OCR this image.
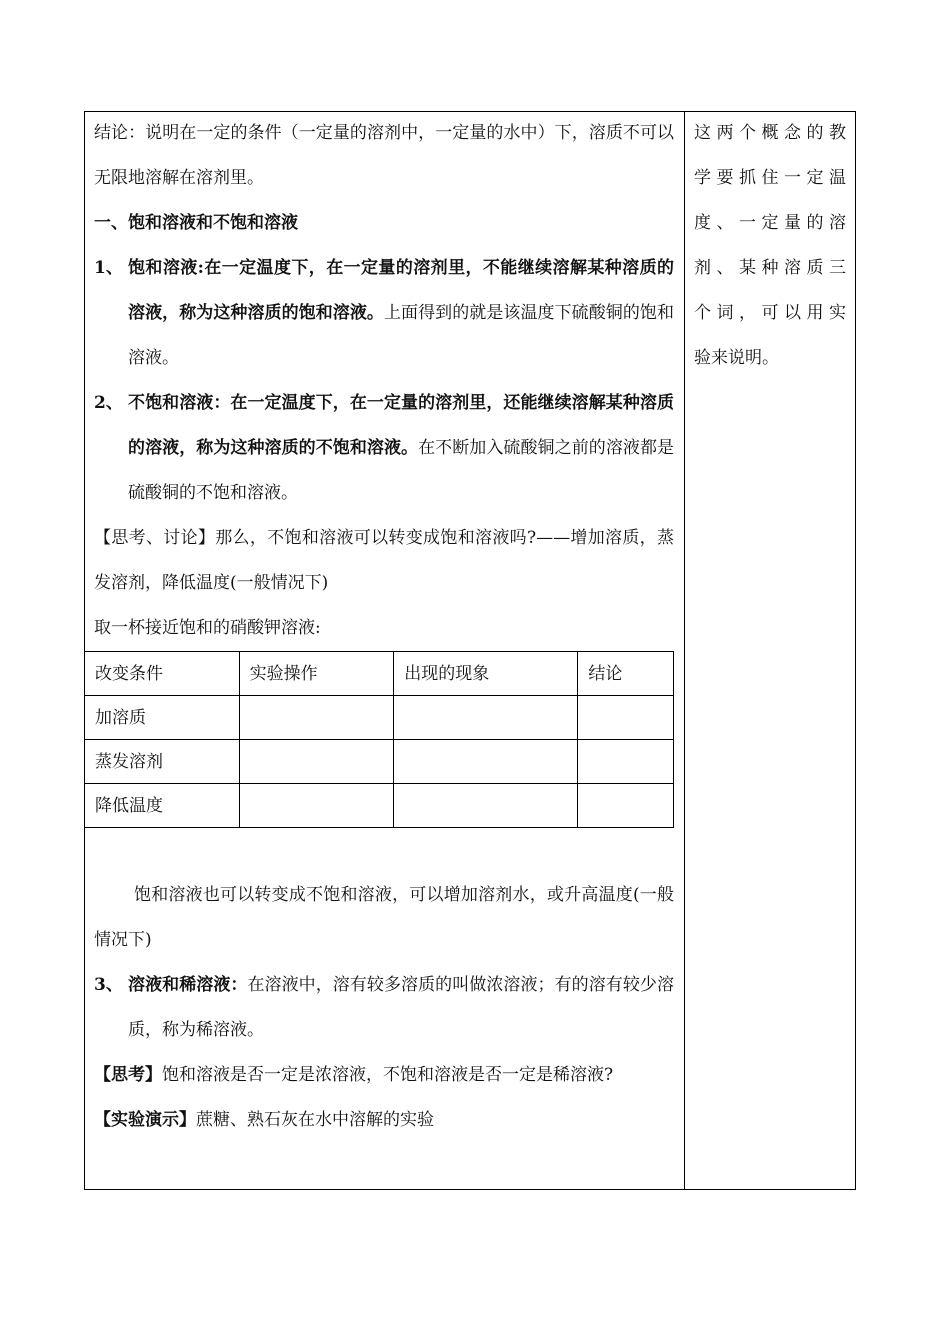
结论：说明在一定的条件（一定量的溶剂中，一定量的水中）下，溶质不可以无限地溶解在溶剂里。

一、饱和溶液和不饱和溶液

1、 饱和溶液:在一定温度下，在一定量的溶剂里，不能继续溶解某种溶质的溶液，称为这种溶质的饱和溶液。上面得到的就是该温度下硫酸铜的饱和溶液。

2、 不饱和溶液：在一定温度下，在一定量的溶剂里，还能继续溶解某种溶质的溶液，称为这种溶质的不饱和溶液。在不断加入硫酸铜之前的溶液都是硫酸铜的不饱和溶液。

【思考、讨论】那么，不饱和溶液可以转变成饱和溶液吗?——增加溶质，蒸发溶剂，降低温度(一般情况下)

取一杯接近饱和的硝酸钾溶液:

改变条件	实验操作	出现的现象	结论
加溶质			
蒸发溶剂			
降低温度			

饱和溶液也可以转变成不饱和溶液，可以增加溶剂水，或升高温度(一般情况下)

3、 溶液和稀溶液：在溶液中，溶有较多溶质的叫做浓溶液；有的溶有较少溶质，称为稀溶液。

【思考】饱和溶液是否一定是浓溶液，不饱和溶液是否一定是稀溶液?

【实验演示】蔗糖、熟石灰在水中溶解的实验

这两个概念的教
学要抓住一定温
度、一定量的溶
剂、某种溶质三
个词，可以用实
验来说明。
